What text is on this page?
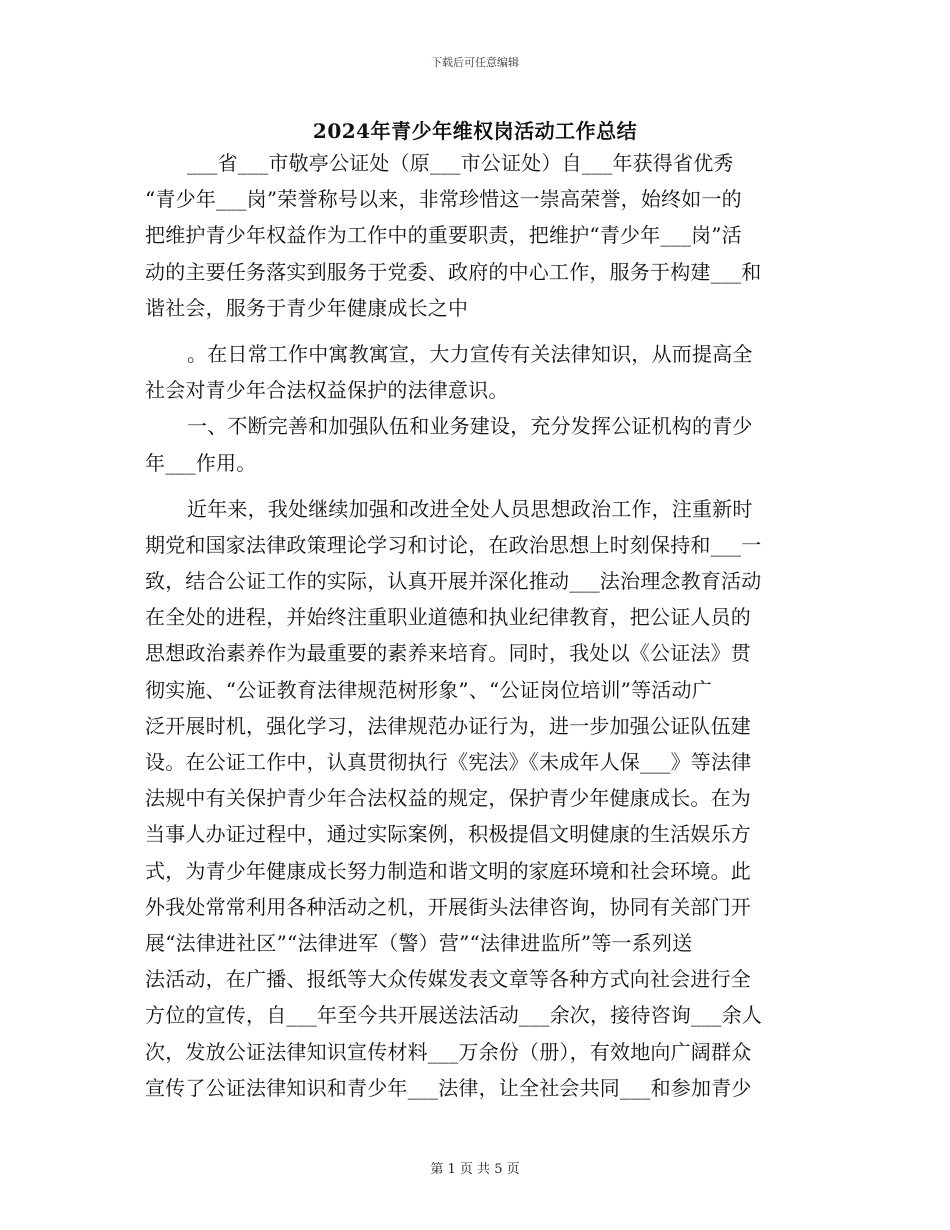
下载后可任意编辑
2024年青少年维权岗活动工作总结
___省___市敬亭公证处（原___市公证处）自___年获得省优秀
“青少年___岗”荣誉称号以来，非常珍惜这一崇高荣誉，始终如一的
把维护青少年权益作为工作中的重要职责，把维护“青少年___岗”活
动的主要任务落实到服务于党委、政府的中心工作，服务于构建___和
谐社会，服务于青少年健康成长之中
。在日常工作中寓教寓宣，大力宣传有关法律知识，从而提高全
社会对青少年合法权益保护的法律意识。
一、不断完善和加强队伍和业务建设，充分发挥公证机构的青少
年___作用。
近年来，我处继续加强和改进全处人员思想政治工作，注重新时
期党和国家法律政策理论学习和讨论，在政治思想上时刻保持和___一
致，结合公证工作的实际，认真开展并深化推动___法治理念教育活动
在全处的进程，并始终注重职业道德和执业纪律教育，把公证人员的
思想政治素养作为最重要的素养来培育。同时，我处以《公证法》贯
彻实施、“公证教育法律规范树形象”、“公证岗位培训”等活动广
泛开展时机，强化学习，法律规范办证行为，进一步加强公证队伍建
设。在公证工作中，认真贯彻执行《宪法》《未成年人保___》等法律
法规中有关保护青少年合法权益的规定，保护青少年健康成长。在为
当事人办证过程中，通过实际案例，积极提倡文明健康的生活娱乐方
式，为青少年健康成长努力制造和谐文明的家庭环境和社会环境。此
外我处常常利用各种活动之机，开展街头法律咨询，协同有关部门开
展“法律进社区”“法律进军（警）营”“法律进监所”等一系列送
法活动，在广播、报纸等大众传媒发表文章等各种方式向社会进行全
方位的宣传，自___年至今共开展送法活动___余次，接待咨询___余人
次，发放公证法律知识宣传材料___万余份（册），有效地向广阔群众
宣传了公证法律知识和青少年___法律，让全社会共同___和参加青少
第 1 页 共 5 页
